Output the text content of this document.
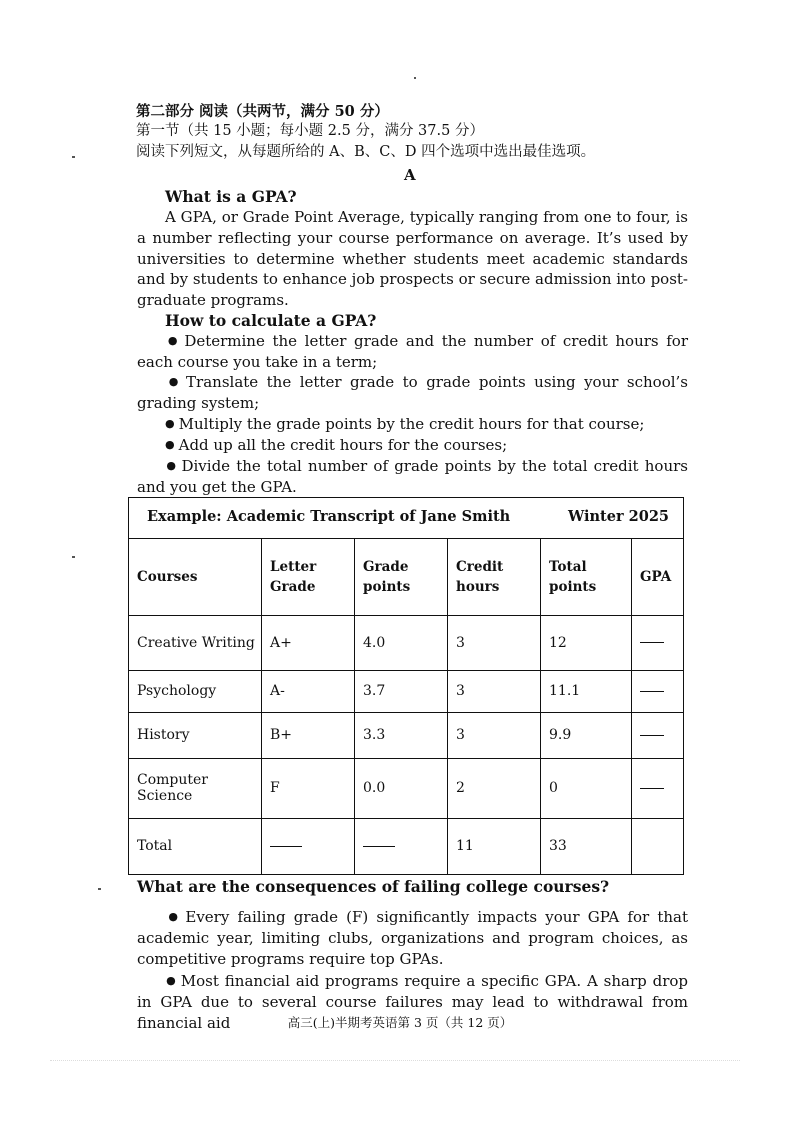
第二部分 阅读（共两节，满分 50 分）
第一节（共 15 小题；每小题 2.5 分，满分 37.5 分）
阅读下列短文，从每题所给的 A、B、C、D 四个选项中选出最佳选项。
A
What is a GPA?
A GPA, or Grade Point Average, typically ranging from one to four, is a number reflecting your course performance on average. It’s used by universities to determine whether students meet academic standards and by students to enhance job prospects or secure admission into post-graduate programs.
How to calculate a GPA?
● Determine the letter grade and the number of credit hours for each course you take in a term;
● Translate the letter grade to grade points using your school’s grading system;
● Multiply the grade points by the credit hours for that course;
● Add up all the credit hours for the courses;
● Divide the total number of grade points by the total credit hours and you get the GPA.
Example: Academic Transcript of Jane Smith	Winter 2025
Courses	Letter Grade	Grade points	Credit hours	Total points	GPA
Creative Writing	A+	4.0	3	12	
Psychology	A-	3.7	3	11.1	
History	B+	3.3	3	9.9	
Computer Science	F	0.0	2	0	
Total			11	33	
What are the consequences of failing college courses?
● Every failing grade (F) significantly impacts your GPA for that academic year, limiting clubs, organizations and program choices, as competitive programs require top GPAs.
● Most financial aid programs require a specific GPA. A sharp drop in GPA due to several course failures may lead to withdrawal from financial aid	高三(上)半期考英语第 3 页（共 12 页）
